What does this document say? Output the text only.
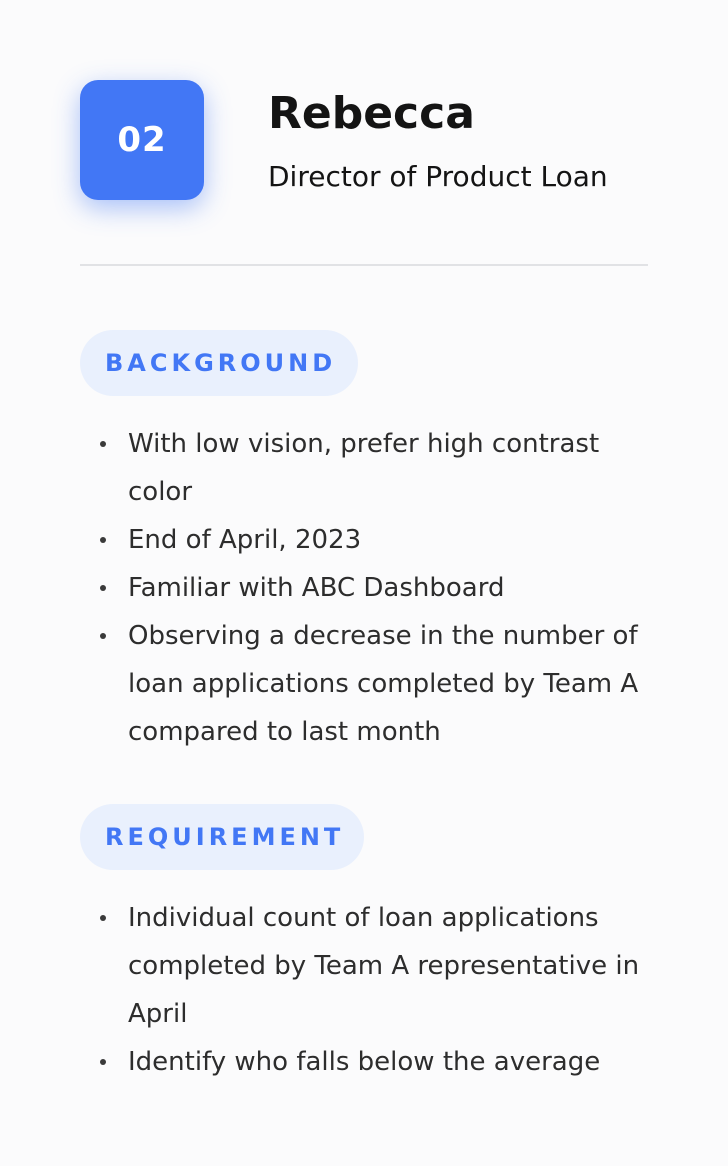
02
Rebecca
Director of Product Loan
BACKGROUND
With low vision, prefer high contrast color
End of April, 2023
Familiar with ABC Dashboard
Observing a decrease in the number of loan applications completed by Team A compared to last month
REQUIREMENT
Individual count of loan applications completed by Team A representative in April
Identify who falls below the average
